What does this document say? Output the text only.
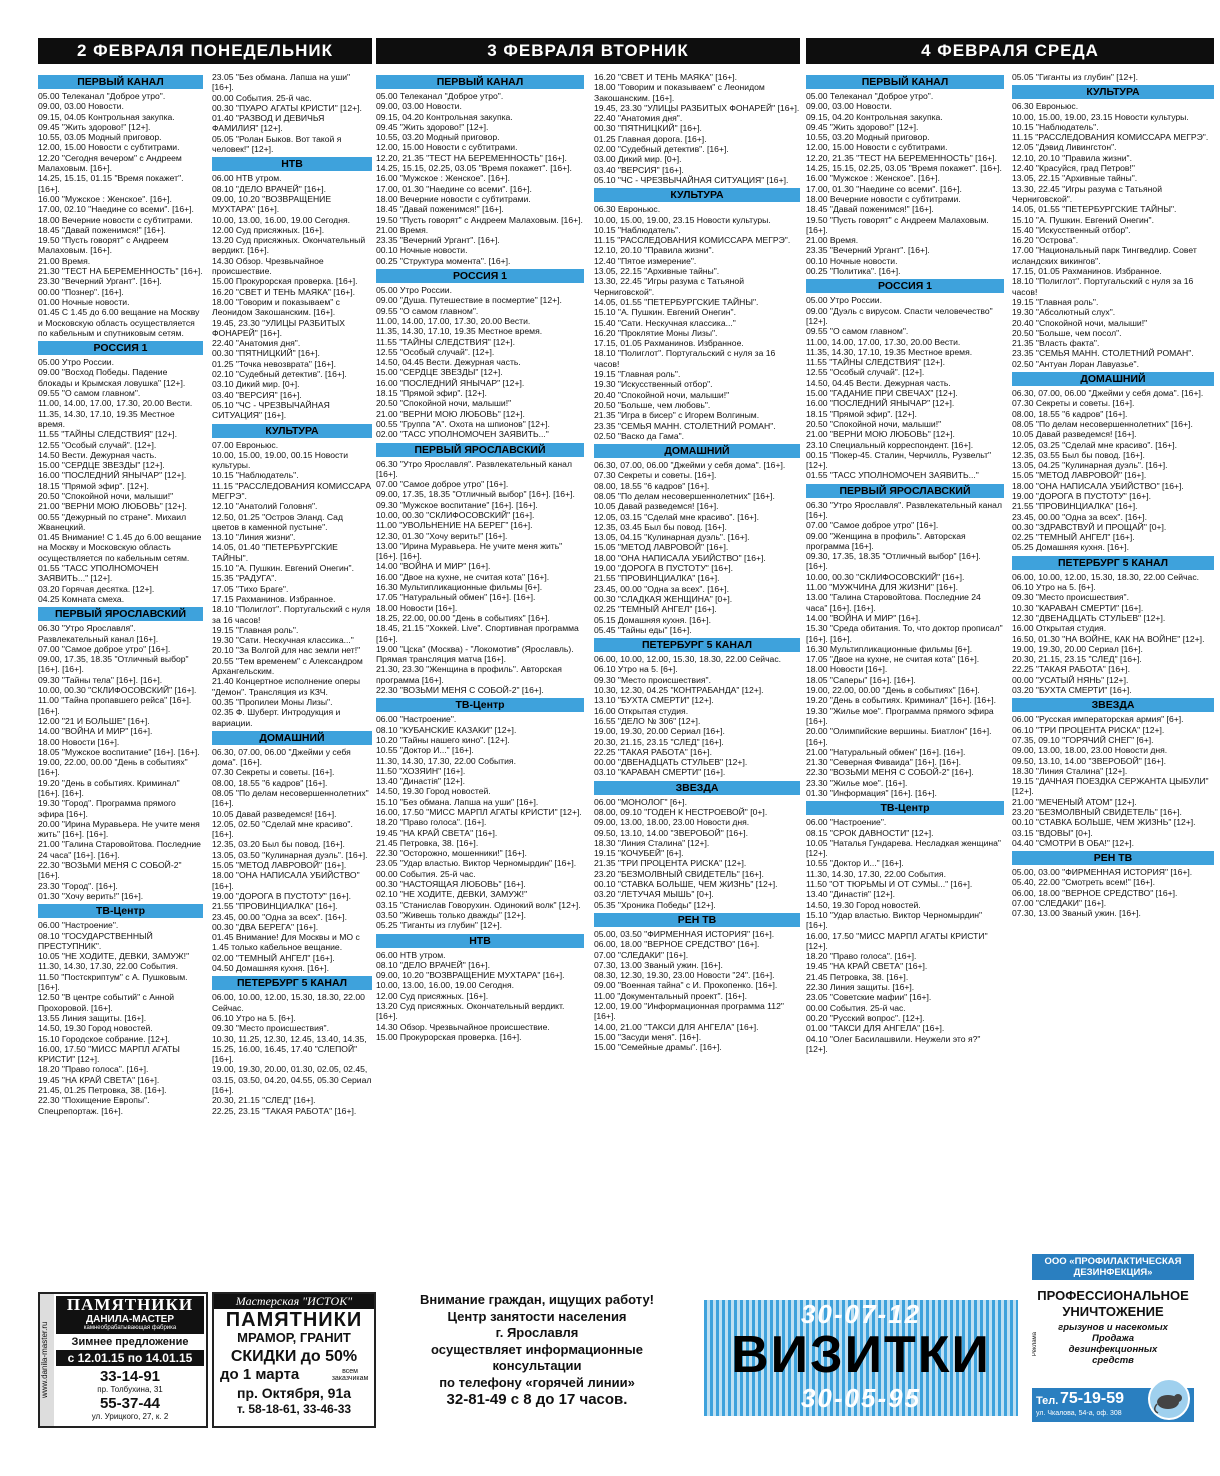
2 ФЕВРАЛЯ ПОНЕДЕЛЬНИК	3 ФЕВРАЛЯ ВТОРНИК	4 ФЕВРАЛЯ СРЕДА
ПЕРВЫЙ КАНАЛ

05.00 Телеканал "Доброе утро".

09.00, 03.00 Новости.

09.15, 04.05 Контрольная закупка.

09.45 "Жить здорово!" [12+].

10.55, 03.05 Модный приговор.

12.00, 15.00 Новости с субтитрами.

12.20 "Сегодня вечером" с Андреем Малаховым. [16+].

14.25, 15.15, 01.15 "Время покажет". [16+].

16.00 "Мужское : Женское". [16+].

17.00, 02.10 "Наедине со всеми". [16+].

18.00 Вечерние новости с субтитрами.

18.45 "Давай поженимся!" [16+].

19.50 "Пусть говорят" с Андреем Малаховым. [16+].

21.00 Время.

21.30 "ТЕСТ НА БЕРЕМЕННОСТЬ" [16+].

23.30 "Вечерний Ургант". [16+].

00.00 "Познер". [16+].

01.00 Ночные новости.

01.45 С 1.45 до 6.00 вещание на Москву и Московскую область осуществляется по кабельным и спутниковым сетям.

РОССИЯ 1

05.00 Утро России.

09.00 "Восход Победы. Падение блокады и Крымская ловушка" [12+].

09.55 "О самом главном".

11.00, 14.00, 17.00, 17.30, 20.00 Вести.

11.35, 14.30, 17.10, 19.35 Местное время.

11.55 "ТАЙНЫ СЛЕДСТВИЯ" [12+].

12.55 "Особый случай". [12+].

14.50 Вести. Дежурная часть.

15.00 "СЕРДЦЕ ЗВЕЗДЫ" [12+].

16.00 "ПОСЛЕДНИЙ ЯНЫЧАР" [12+].

18.15 "Прямой эфир". [12+].

20.50 "Спокойной ночи, малыши!"

21.00 "ВЕРНИ МОЮ ЛЮБОВЬ" [12+].

00.55 "Дежурный по стране". Михаил Жванецкий.

01.45 Внимание! С 1.45 до 6.00 вещание на Москву и Московскую область осуществляется по кабельным сетям.

01.55 "ТАСС УПОЛНОМОЧЕН ЗАЯВИТЬ..." [12+].

03.20 Горячая десятка. [12+].

04.25 Комната смеха.

ПЕРВЫЙ ЯРОСЛАВСКИЙ

06.30 "Утро Ярославля". Развлекательный канал [16+].

07.00 "Самое доброе утро" [16+].

09.00, 17.35, 18.35 "Отличный выбор" [16+]. [16+].

09.30 "Тайны тела" [16+]. [16+].

10.00, 00.30 "СКЛИФОСОВСКИЙ" [16+].

11.00 "Тайна пропавшего рейса" [16+]. [16+].

12.00 "21 И БОЛЬШЕ" [16+].

14.00 "ВОЙНА И МИР" [16+].

18.00 Новости [16+].

18.05 "Мужское воспитание" [16+]. [16+].

19.00, 22.00, 00.00 "День в событиях" [16+].

19.20 "День в событиях. Криминал" [16+]. [16+].

19.30 "Город". Программа прямого эфира [16+].

20.00 "Ирина Муравьера. Не учите меня жить" [16+]. [16+].

21.00 "Галина Старовойтова. Последние 24 часа" [16+]. [16+].

22.30 "ВОЗЬМИ МЕНЯ С СОБОЙ-2" [16+].

23.30 "Город". [16+].

01.30 "Хочу верить!" [16+].

ТВ-Центр

06.00 "Настроение".

08.10 "ГОСУДАРСТВЕННЫЙ ПРЕСТУПНИК".

10.05 "НЕ ХОДИТЕ, ДЕВКИ, ЗАМУЖ!"

11.30, 14.30, 17.30, 22.00 События.

11.50 "Постскриптум" с А. Пушковым. [16+].

12.50 "В центре событий" с Анной Прохоровой. [16+].

13.55 Линия защиты. [16+].

14.50, 19.30 Город новостей.

15.10 Городское собрание. [12+].

16.00, 17.50 "МИСС МАРПЛ АГАТЫ КРИСТИ" [12+].

18.20 "Право голоса". [16+].

19.45 "НА КРАЙ СВЕТА" [16+].

21.45, 01.25 Петровка, 38. [16+].

22.30 "Похищение Европы". Спецрепортаж. [16+].

23.05 "Без обмана. Лапша на уши" [16+].

00.00 События. 25-й час.

00.30 "ПУАРО АГАТЫ КРИСТИ" [12+].

01.40 "РАЗВОД И ДЕВИЧЬЯ ФАМИЛИЯ" [12+].

05.05 "Ролан Быков. Вот такой я человек!" [12+].

НТВ

06.00 НТВ утром.

08.10 "ДЕЛО ВРАЧЕЙ" [16+].

09.00, 10.20 "ВОЗВРАЩЕНИЕ МУХТАРА" [16+].

10.00, 13.00, 16.00, 19.00 Сегодня.

12.00 Суд присяжных. [16+].

13.20 Суд присяжных. Окончательный вердикт. [16+].

14.30 Обзор. Чрезвычайное происшествие.

15.00 Прокурорская проверка. [16+].

16.20 "СВЕТ И ТЕНЬ МАЯКА" [16+].

18.00 "Говорим и показываем" с Леонидом Закошанским. [16+].

19.45, 23.30 "УЛИЦЫ РАЗБИТЫХ ФОНАРЕЙ" [16+].

22.40 "Анатомия дня".

00.30 "ПЯТНИЦКИЙ" [16+].

01.25 "Точка невозврата" [16+].

02.10 "Судебный детектив". [16+].

03.10 Дикий мир. [0+].

03.40 "ВЕРСИЯ" [16+].

05.10 "ЧС - ЧРЕЗВЫЧАЙНАЯ СИТУАЦИЯ" [16+].

КУЛЬТУРА

07.00 Евроньюс.

10.00, 15.00, 19.00, 00.15 Новости культуры.

10.15 "Наблюдатель".

11.15 "РАССЛЕДОВАНИЯ КОМИССАРА МЕГРЭ".

12.10 "Анатолий Головня".

12.50, 01.25 "Остров Эланд. Сад цветов в каменной пустыне".

13.10 "Линия жизни".

14.05, 01.40 "ПЕТЕРБУРГСКИЕ ТАЙНЫ".

15.10 "А. Пушкин. Евгений Онегин".

15.35 "РАДУГА".

17.05 "Тихо Браге".

17.15 Рахманинов. Избранное.

18.10 "Полиглот". Португальский с нуля за 16 часов!

19.15 "Главная роль".

19.30 "Сати. Нескучная классика..."

20.10 "За Волгой для нас земли нет!"

20.55 "Тем временем" с Александром Архангельским.

21.40 Концертное исполнение оперы "Демон". Трансляция из КЗЧ.

00.35 "Пропилеи Моны Лизы".

02.35 Ф. Шуберт. Интродукция и вариации.

ДОМАШНИЙ

06.30, 07.00, 06.00 "Джейми у себя дома". [16+].

07.30 Секреты и советы. [16+].

08.00, 18.55 "6 кадров" [16+].

08.05 "По делам несовершеннолетних" [16+].

10.05 Давай разведемся! [16+].

12.05, 02.50 "Сделай мне красиво". [16+].

12.35, 03.20 Был бы повод. [16+].

13.05, 03.50 "Кулинарная дуэль". [16+].

15.05 "МЕТОД ЛАВРОВОЙ" [16+].

18.00 "ОНА НАПИСАЛА УБИЙСТВО" [16+].

19.00 "ДОРОГА В ПУСТОТУ" [16+].

21.55 "ПРОВИНЦИАЛКА" [16+].

23.45, 00.00 "Одна за всех". [16+].

00.30 "ДВА БЕРЕГА" [16+].

01.45 Внимание! Для Москвы и МО с 1.45 только кабельное вещание.

02.00 "ТЕМНЫЙ АНГЕЛ" [16+].

04.50 Домашняя кухня. [16+].

ПЕТЕРБУРГ 5 КАНАЛ

06.00, 10.00, 12.00, 15.30, 18.30, 22.00 Сейчас.

06.10 Утро на 5. [6+].

09.30 "Место происшествия".

10.30, 11.25, 12.30, 12.45, 13.40, 14.35, 15.25, 16.00, 16.45, 17.40 "СЛЕПОЙ" [16+].

19.00, 19.30, 20.00, 01.30, 02.05, 02.45, 03.15, 03.50, 04.20, 04.55, 05.30 Сериал [16+].

20.30, 21.15 "СЛЕД" [16+].

22.25, 23.15 "ТАКАЯ РАБОТА" [16+].

ПЕРВЫЙ КАНАЛ

05.00 Телеканал "Доброе утро".

09.00, 03.00 Новости.

09.15, 04.20 Контрольная закупка.

09.45 "Жить здорово!" [12+].

10.55, 03.20 Модный приговор.

12.00, 15.00 Новости с субтитрами.

12.20, 21.35 "ТЕСТ НА БЕРЕМЕННОСТЬ" [16+].

14.25, 15.15, 02.25, 03.05 "Время покажет". [16+].

16.00 "Мужское : Женское". [16+].

17.00, 01.30 "Наедине со всеми". [16+].

18.00 Вечерние новости с субтитрами.

18.45 "Давай поженимся!" [16+].

19.50 "Пусть говорят" с Андреем Малаховым. [16+].

21.00 Время.

23.35 "Вечерний Ургант". [16+].

00.10 Ночные новости.

00.25 "Структура момента". [16+].

РОССИЯ 1

05.00 Утро России.

09.00 "Душа. Путешествие в посмертие" [12+].

09.55 "О самом главном".

11.00, 14.00, 17.00, 17.30, 20.00 Вести.

11.35, 14.30, 17.10, 19.35 Местное время.

11.55 "ТАЙНЫ СЛЕДСТВИЯ" [12+].

12.55 "Особый случай". [12+].

14.50, 04.45 Вести. Дежурная часть.

15.00 "СЕРДЦЕ ЗВЕЗДЫ" [12+].

16.00 "ПОСЛЕДНИЙ ЯНЫЧАР" [12+].

18.15 "Прямой эфир". [12+].

20.50 "Спокойной ночи, малыши!"

21.00 "ВЕРНИ МОЮ ЛЮБОВЬ" [12+].

00.55 "Группа "А". Охота на шпионов" [12+].

02.00 "ТАСС УПОЛНОМОЧЕН ЗАЯВИТЬ..."

ПЕРВЫЙ ЯРОСЛАВСКИЙ

06.30 "Утро Ярославля". Развлекательный канал [16+].

07.00 "Самое доброе утро" [16+].

09.00, 17.35, 18.35 "Отличный выбор" [16+]. [16+].

09.30 "Мужское воспитание" [16+]. [16+].

10.00, 00.30 "СКЛИФОСОВСКИЙ" [16+].

11.00 "УВОЛЬНЕНИЕ НА БЕРЕГ" [16+].

12.30, 01.30 "Хочу верить!" [16+].

13.00 "Ирина Муравьера. Не учите меня жить" [16+]. [16+].

14.00 "ВОЙНА И МИР" [16+].

16.00 "Двое на кухне, не считая кота" [16+].

16.30 Мультипликационные фильмы [6+].

17.05 "Натуральный обмен" [16+]. [16+].

18.00 Новости [16+].

18.25, 22.00, 00.00 "День в событиях" [16+].

18.45, 21.15 "Хоккей. Live". Спортивная программа [16+].

19.00 "Цска" (Москва) - "Локомотив" (Ярославль). Прямая трансляция матча [16+].

21.30, 23.30 "Женщина в профиль". Авторская программа [16+].

22.30 "ВОЗЬМИ МЕНЯ С СОБОЙ-2" [16+].

ТВ-Центр

06.00 "Настроение".

08.10 "КУБАНСКИЕ КАЗАКИ" [12+].

10.20 "Тайны нашего кино". [12+].

10.55 "Доктор И..." [16+].

11.30, 14.30, 17.30, 22.00 События.

11.50 "ХОЗЯИН" [16+].

13.40 "Династія" [12+].

14.50, 19.30 Город новостей.

15.10 "Без обмана. Лапша на уши" [16+].

16.00, 17.50 "МИСС МАРПЛ АГАТЫ КРИСТИ" [12+].

18.20 "Право голоса". [16+].

19.45 "НА КРАЙ СВЕТА" [16+].

21.45 Петровка, 38. [16+].

22.30 "Осторожно, мошенники!" [16+].

23.05 "Удар властью. Виктор Черномырдин" [16+].

00.00 События. 25-й час.

00.30 "НАСТОЯЩАЯ ЛЮБОВЬ" [16+].

02.10 "НЕ ХОДИТЕ, ДЕВКИ, ЗАМУЖ!"

03.15 "Станислав Говорухин. Одинокий волк" [12+].

03.50 "Живешь только дважды" [12+].

05.25 "Гиганты из глубин" [12+].

НТВ

06.00 НТВ утром.

08.10 "ДЕЛО ВРАЧЕЙ" [16+].

09.00, 10.20 "ВОЗВРАЩЕНИЕ МУХТАРА" [16+].

10.00, 13.00, 16.00, 19.00 Сегодня.

12.00 Суд присяжных. [16+].

13.20 Суд присяжных. Окончательный вердикт. [16+].

14.30 Обзор. Чрезвычайное происшествие.

15.00 Прокурорская проверка. [16+].

16.20 "СВЕТ И ТЕНЬ МАЯКА" [16+].

18.00 "Говорим и показываем" с Леонидом Закошанским. [16+].

19.45, 23.30 "УЛИЦЫ РАЗБИТЫХ ФОНАРЕЙ" [16+].

22.40 "Анатомия дня".

00.30 "ПЯТНИЦКИЙ" [16+].

01.25 Главная дорога. [16+].

02.00 "Судебный детектив". [16+].

03.00 Дикий мир. [0+].

03.40 "ВЕРСИЯ" [16+].

05.10 "ЧС - ЧРЕЗВЫЧАЙНАЯ СИТУАЦИЯ" [16+].

КУЛЬТУРА

06.30 Евроньюс.

10.00, 15.00, 19.00, 23.15 Новости культуры.

10.15 "Наблюдатель".

11.15 "РАССЛЕДОВАНИЯ КОМИССАРА МЕГРЭ".

12.10, 20.10 "Правила жизни".

12.40 "Пятое измерение".

13.05, 22.15 "Архивные тайны".

13.30, 22.45 "Игры разума с Татьяной Черниговской".

14.05, 01.55 "ПЕТЕРБУРГСКИЕ ТАЙНЫ".

15.10 "А. Пушкин. Евгений Онегин".

15.40 "Сати. Нескучная классика..."

16.20 "Проклятие Моны Лизы".

17.15, 01.05 Рахманинов. Избранное.

18.10 "Полиглот". Португальский с нуля за 16 часов!

19.15 "Главная роль".

19.30 "Искусственный отбор".

20.40 "Спокойной ночи, малыши!"

20.50 "Больше, чем любовь".

21.35 "Игра в бисер" с Игорем Волгиным.

23.35 "СЕМЬЯ МАНН. СТОЛЕТНИЙ РОМАН".

02.50 "Васко да Гама".

ДОМАШНИЙ

06.30, 07.00, 06.00 "Джейми у себя дома". [16+].

07.30 Секреты и советы. [16+].

08.00, 18.55 "6 кадров" [16+].

08.05 "По делам несовершеннолетних" [16+].

10.05 Давай разведемся! [16+].

12.05, 03.15 "Сделай мне красиво". [16+].

12.35, 03.45 Был бы повод. [16+].

13.05, 04.15 "Кулинарная дуэль". [16+].

15.05 "МЕТОД ЛАВРОВОЙ" [16+].

18.00 "ОНА НАПИСАЛА УБИЙСТВО" [16+].

19.00 "ДОРОГА В ПУСТОТУ" [16+].

21.55 "ПРОВИНЦИАЛКА" [16+].

23.45, 00.00 "Одна за всех". [16+].

00.30 "СЛАДКАЯ ЖЕНЩИНА" [0+].

02.25 "ТЕМНЫЙ АНГЕЛ" [16+].

05.15 Домашняя кухня. [16+].

05.45 "Тайны еды" [16+].

ПЕТЕРБУРГ 5 КАНАЛ

06.00, 10.00, 12.00, 15.30, 18.30, 22.00 Сейчас.

06.10 Утро на 5. [6+].

09.30 "Место происшествия".

10.30, 12.30, 04.25 "КОНТРАБАНДА" [12+].

13.10 "БУХТА СМЕРТИ" [12+].

16.00 Открытая студия.

16.55 "ДЕЛО № 306" [12+].

19.00, 19.30, 20.00 Сериал [16+].

20.30, 21.15, 23.15 "СЛЕД" [16+].

22.25 "ТАКАЯ РАБОТА" [16+].

00.00 "ДВЕНАДЦАТЬ СТУЛЬЕВ" [12+].

03.10 "КАРАВАН СМЕРТИ" [16+].

ЗВЕЗДА

06.00 "МОНОЛОГ" [6+].

08.00, 09.10 "ГОДЕН К НЕСТРОЕВОЙ" [0+].

09.00, 13.00, 18.00, 23.00 Новости дня.

09.50, 13.10, 14.00 "ЗВЕРОБОЙ" [16+].

18.30 "Линия Сталина" [12+].

19.15 "КОЧУБЕЙ" [6+].

21.35 "ТРИ ПРОЦЕНТА РИСКА" [12+].

23.20 "БЕЗМОЛВНЫЙ СВИДЕТЕЛЬ" [16+].

00.10 "СТАВКА БОЛЬШЕ, ЧЕМ ЖИЗНЬ" [12+].

03.20 "ЛЕТУЧАЯ МЫШЬ" [0+].

05.35 "Хроника Победы" [12+].

РЕН ТВ

05.00, 03.50 "ФИРМЕННАЯ ИСТОРИЯ" [16+].

06.00, 18.00 "ВЕРНОЕ СРЕДСТВО" [16+].

07.00 "СЛЕДАКИ" [16+].

07.30, 13.00 Званый ужин. [16+].

08.30, 12.30, 19.30, 23.00 Новости "24". [16+].

09.00 "Военная тайна" с И. Прокопенко. [16+].

11.00 "Документальный проект". [16+].

12.00, 19.00 "Информационная программа 112" [16+].

14.00, 21.00 "ТАКСИ ДЛЯ АНГЕЛА" [16+].

15.00 "Засуди меня". [16+].

15.00 "Семейные драмы". [16+].

ПЕРВЫЙ КАНАЛ

05.00 Телеканал "Доброе утро".

09.00, 03.00 Новости.

09.15, 04.20 Контрольная закупка.

09.45 "Жить здорово!" [12+].

10.55, 03.20 Модный приговор.

12.00, 15.00 Новости с субтитрами.

12.20, 21.35 "ТЕСТ НА БЕРЕМЕННОСТЬ" [16+].

14.25, 15.15, 02.25, 03.05 "Время покажет". [16+].

16.00 "Мужское : Женское". [16+].

17.00, 01.30 "Наедине со всеми". [16+].

18.00 Вечерние новости с субтитрами.

18.45 "Давай поженимся!" [16+].

19.50 "Пусть говорят" с Андреем Малаховым. [16+].

21.00 Время.

23.35 "Вечерний Ургант". [16+].

00.10 Ночные новости.

00.25 "Политика". [16+].

РОССИЯ 1

05.00 Утро России.

09.00 "Дуэль с вирусом. Спасти человечество" [12+].

09.55 "О самом главном".

11.00, 14.00, 17.00, 17.30, 20.00 Вести.

11.35, 14.30, 17.10, 19.35 Местное время.

11.55 "ТАЙНЫ СЛЕДСТВИЯ" [12+].

12.55 "Особый случай". [12+].

14.50, 04.45 Вести. Дежурная часть.

15.00 "ГАДАНИЕ ПРИ СВЕЧАХ" [12+].

16.00 "ПОСЛЕДНИЙ ЯНЫЧАР" [12+].

18.15 "Прямой эфир". [12+].

20.50 "Спокойной ночи, малыши!"

21.00 "ВЕРНИ МОЮ ЛЮБОВЬ" [12+].

23.10 Специальный корреспондент. [16+].

00.15 "Покер-45. Сталин, Черчилль, Рузвельт" [12+].

01.55 "ТАСС УПОЛНОМОЧЕН ЗАЯВИТЬ..."

ПЕРВЫЙ ЯРОСЛАВСКИЙ

06.30 "Утро Ярославля". Развлекательный канал [16+].

07.00 "Самое доброе утро" [16+].

09.00 "Женщина в профиль". Авторская программа [16+].

09.30, 17.35, 18.35 "Отличный выбор" [16+]. [16+].

10.00, 00.30 "СКЛИФОСОВСКИЙ" [16+].

11.00 "МУЖЧИНА ДЛЯ ЖИЗНИ" [16+].

13.00 "Галина Старовойтова. Последние 24 часа" [16+]. [16+].

14.00 "ВОЙНА И МИР" [16+].

15.30 "Среда обитания. То, что доктор прописал" [16+]. [16+].

16.30 Мультипликационные фильмы [6+].

17.05 "Двое на кухне, не считая кота" [16+].

18.00 Новости [16+].

18.05 "Саперы" [16+]. [16+].

19.00, 22.00, 00.00 "День в событиях" [16+].

19.20 "День в событиях. Криминал" [16+]. [16+].

19.30 "Жилье мое". Программа прямого эфира [16+].

20.00 "Олимпийские вершины. Биатлон" [16+]. [16+].

21.00 "Натуральный обмен" [16+]. [16+].

21.30 "Северная Фиваида" [16+]. [16+].

22.30 "ВОЗЬМИ МЕНЯ С СОБОЙ-2" [16+].

23.30 "Жилье мое". [16+].

01.30 "Информация" [16+]. [16+].

ТВ-Центр

06.00 "Настроение".

08.15 "СРОК ДАВНОСТИ" [12+].

10.05 "Наталья Гундарева. Несладкая женщина" [12+].

10.55 "Доктор И..." [16+].

11.30, 14.30, 17.30, 22.00 События.

11.50 "ОТ ТЮРЬМЫ И ОТ СУМЫ..." [16+].

13.40 "Династія" [12+].

14.50, 19.30 Город новостей.

15.10 "Удар властью. Виктор Черномырдин" [16+].

16.00, 17.50 "МИСС МАРПЛ АГАТЫ КРИСТИ" [12+].

18.20 "Право голоса". [16+].

19.45 "НА КРАЙ СВЕТА" [16+].

21.45 Петровка, 38. [16+].

22.30 Линия защиты. [16+].

23.05 "Советские мафии" [16+].

00.00 События. 25-й час.

00.20 "Русский вопрос". [12+].

01.00 "ТАКСИ ДЛЯ АНГЕЛА" [16+].

04.10 "Олег Басилашвили. Неужели это я?" [12+].

05.05 "Гиганты из глубин" [12+].

КУЛЬТУРА

06.30 Евроньюс.

10.00, 15.00, 19.00, 23.15 Новости культуры.

10.15 "Наблюдатель".

11.15 "РАССЛЕДОВАНИЯ КОМИССАРА МЕГРЭ".

12.05 "Дэвид Ливингстон".

12.10, 20.10 "Правила жизни".

12.40 "Красуйся, град Петров!"

13.05, 22.15 "Архивные тайны".

13.30, 22.45 "Игры разума с Татьяной Черниговской".

14.05, 01.55 "ПЕТЕРБУРГСКИЕ ТАЙНЫ".

15.10 "А. Пушкин. Евгений Онегин".

15.40 "Искусственный отбор".

16.20 "Острова".

17.00 "Национальный парк Тингведлир. Совет исландских викингов".

17.15, 01.05 Рахманинов. Избранное.

18.10 "Полиглот". Португальский с нуля за 16 часов!

19.15 "Главная роль".

19.30 "Абсолютный слух".

20.40 "Спокойной ночи, малыши!"

20.50 "Больше, чем посол".

21.35 "Власть факта".

23.35 "СЕМЬЯ МАНН. СТОЛЕТНИЙ РОМАН".

02.50 "Антуан Лоран Лавуазье".

ДОМАШНИЙ

06.30, 07.00, 06.00 "Джейми у себя дома". [16+].

07.30 Секреты и советы. [16+].

08.00, 18.55 "6 кадров" [16+].

08.05 "По делам несовершеннолетних" [16+].

10.05 Давай разведемся! [16+].

12.05, 03.25 "Сделай мне красиво". [16+].

12.35, 03.55 Был бы повод. [16+].

13.05, 04.25 "Кулинарная дуэль". [16+].

15.05 "МЕТОД ЛАВРОВОЙ" [16+].

18.00 "ОНА НАПИСАЛА УБИЙСТВО" [16+].

19.00 "ДОРОГА В ПУСТОТУ" [16+].

21.55 "ПРОВИНЦИАЛКА" [16+].

23.45, 00.00 "Одна за всех". [16+].

00.30 "ЗДРАВСТВУЙ И ПРОЩАЙ" [0+].

02.25 "ТЕМНЫЙ АНГЕЛ" [16+].

05.25 Домашняя кухня. [16+].

ПЕТЕРБУРГ 5 КАНАЛ

06.00, 10.00, 12.00, 15.30, 18.30, 22.00 Сейчас.

06.10 Утро на 5. [6+].

09.30 "Место происшествия".

10.30 "КАРАВАН СМЕРТИ" [16+].

12.30 "ДВЕНАДЦАТЬ СТУЛЬЕВ" [12+].

16.00 Открытая студия.

16.50, 01.30 "НА ВОЙНЕ, КАК НА ВОЙНЕ" [12+].

19.00, 19.30, 20.00 Сериал [16+].

20.30, 21.15, 23.15 "СЛЕД" [16+].

22.25 "ТАКАЯ РАБОТА" [16+].

00.00 "УСАТЫЙ НЯНЬ" [12+].

03.20 "БУХТА СМЕРТИ" [16+].

ЗВЕЗДА

06.00 "Русская императорская армия" [6+].

06.10 "ТРИ ПРОЦЕНТА РИСКА" [12+].

07.35, 09.10 "ГОРЯЧИЙ СНЕГ" [6+].

09.00, 13.00, 18.00, 23.00 Новости дня.

09.50, 13.10, 14.00 "ЗВЕРОБОЙ" [16+].

18.30 "Линия Сталина" [12+].

19.15 "ДАЧНАЯ ПОЕЗДКА СЕРЖАНТА ЦЫБУЛИ" [12+].

21.00 "МЕЧЕНЫЙ АТОМ" [12+].

23.20 "БЕЗМОЛВНЫЙ СВИДЕТЕЛЬ" [16+].

00.10 "СТАВКА БОЛЬШЕ, ЧЕМ ЖИЗНЬ" [12+].

03.15 "ВДОВЫ" [0+].

04.40 "СМОТРИ В ОБА!" [12+].

РЕН ТВ

05.00, 03.00 "ФИРМЕННАЯ ИСТОРИЯ" [16+].

05.40, 22.00 "Смотреть всем!" [16+].

06.00, 18.00 "ВЕРНОЕ СРЕДСТВО" [16+].

07.00 "СЛЕДАКИ" [16+].

07.30, 13.00 Званый ужин. [16+].

www.danila-master.ru
ПАМЯТНИКИ
ДАНИЛА-МАСТЕР
камнеобрабатывающая фабрика
Зимнее предложение
с 12.01.15 по 14.01.15
33-14-91
пр. Толбухина, 31
55-37-44
ул. Урицкого, 27, к. 2
Мастерская "ИСТОК"
ПАМЯТНИКИ
МРАМОР, ГРАНИТ
СКИДКИ до 50%
до 1 марта	всем заказчикам
пр. Октября, 91а
т. 58-18-61, 33-46-33
Внимание граждан, ищущих работу!
Центр занятости населения
г. Ярославля
осуществляет информационные
консультации
по телефону «горячей линии»
32-81-49 с 8 до 17 часов.
30-07-12
ВИЗИТКИ
30-05-95
ООО «ПРОФИЛАКТИЧЕСКАЯ ДЕЗИНФЕКЦИЯ»
ПРОФЕССИОНАЛЬНОЕ
УНИЧТОЖЕНИЕ
Реклама
грызунов и насекомых
Продажа
дезинфекционных
средств
Тел. 75-19-59
ул. Чкалова, 54-а, оф. 308
